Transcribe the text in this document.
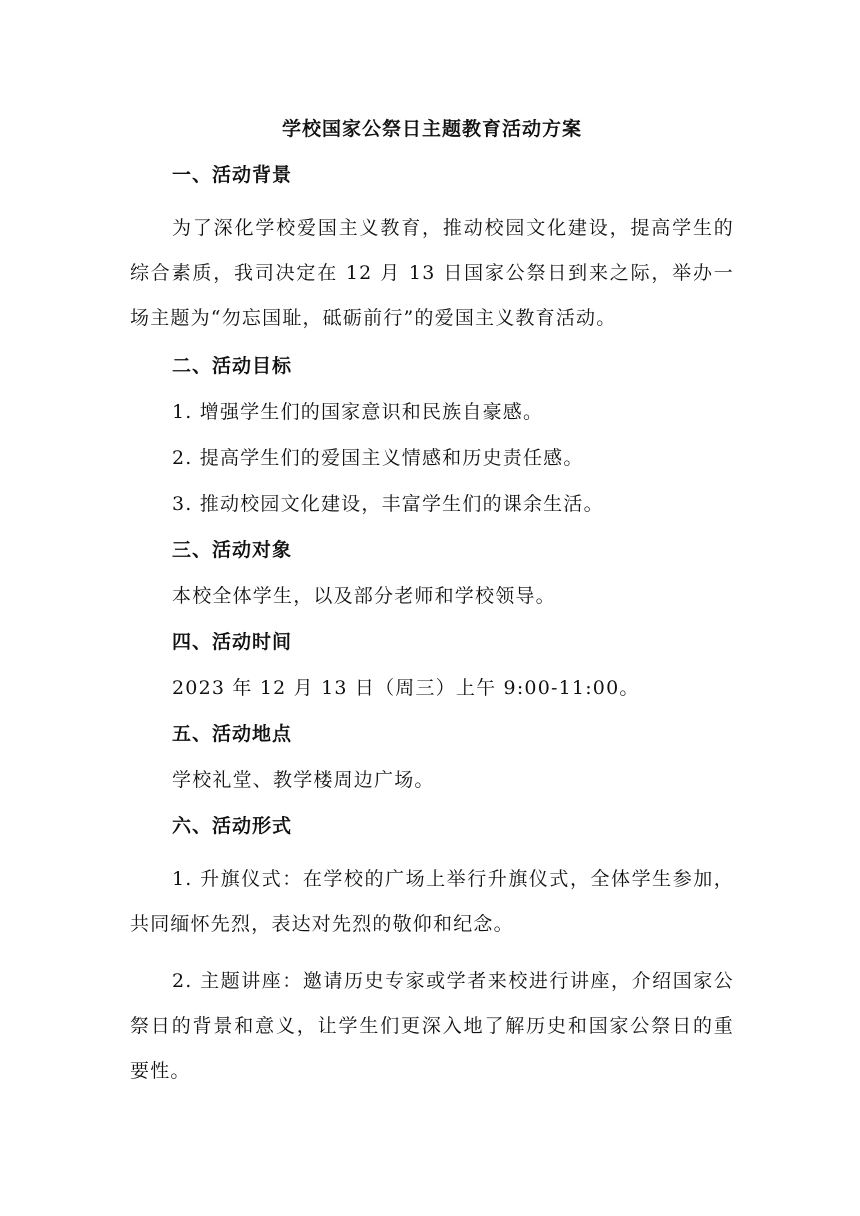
学校国家公祭日主题教育活动方案
一、活动背景
为了深化学校爱国主义教育，推动校园文化建设，提高学生的综合素质，我司决定在 12 月 13 日国家公祭日到来之际，举办一场主题为“勿忘国耻，砥砺前行”的爱国主义教育活动。
二、活动目标
1. 增强学生们的国家意识和民族自豪感。
2. 提高学生们的爱国主义情感和历史责任感。
3. 推动校园文化建设，丰富学生们的课余生活。
三、活动对象
本校全体学生，以及部分老师和学校领导。
四、活动时间
2023 年 12 月 13 日（周三）上午 9:00-11:00。
五、活动地点
学校礼堂、教学楼周边广场。
六、活动形式
1. 升旗仪式：在学校的广场上举行升旗仪式，全体学生参加，共同缅怀先烈，表达对先烈的敬仰和纪念。
2. 主题讲座：邀请历史专家或学者来校进行讲座，介绍国家公祭日的背景和意义，让学生们更深入地了解历史和国家公祭日的重要性。
